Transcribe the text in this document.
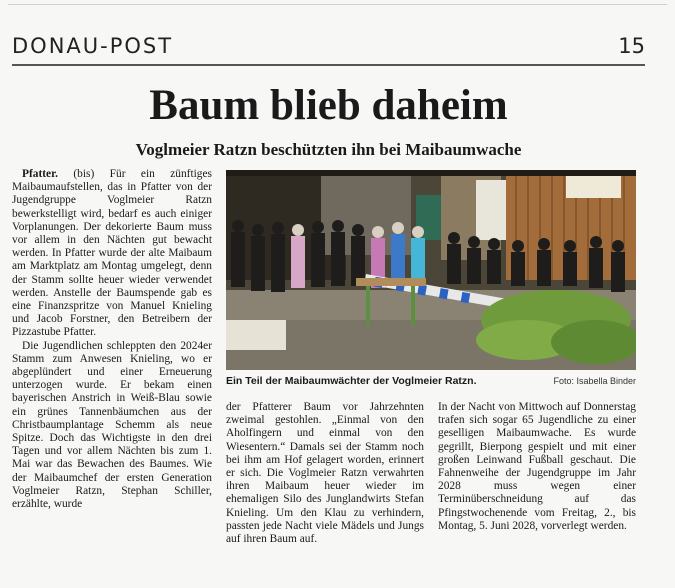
DONAU-POST	15
Baum blieb daheim
Voglmeier Ratzn beschützten ihn bei Maibaumwache

Pfatter. (bis) Für ein zünftiges Maibaumaufstellen, das in Pfatter von der Jugendgruppe Voglmeier Ratzn bewerkstelligt wird, bedarf es auch einiger Vorplanungen. Der dekorierte Baum muss vor allem in den Nächten gut bewacht werden. In Pfatter wurde der alte Maibaum am Marktplatz am Montag umgelegt, denn der Stamm sollte heuer wieder verwendet werden. Anstelle der Baumspende gab es eine Finanzspritze von Manuel Knieling und Jacob Forstner, den Betreibern der Pizzastube Pfatter.

Die Jugendlichen schleppten den 2024er Stamm zum Anwesen Knieling, wo er abgeplündert und einer Erneuerung unterzogen wurde. Er bekam einen bayerischen Anstrich in Weiß-Blau sowie ein grünes Tannenbäumchen aus der Christbaumplantage Schemm als neue Spitze. Doch das Wichtigste in den drei Tagen und vor allem Nächten bis zum 1. Mai war das Bewachen des Baumes. Wie der Maibaumchef der ersten Generation Voglmeier Ratzn, Stephan Schiller, erzählte, wurde

Ein Teil der Maibaumwächter der Voglmeier Ratzn.	Foto: Isabella Binder

der Pfatterer Baum vor Jahrzehnten zweimal gestohlen. „Einmal von den Aholfingern und einmal von den Wiesentern.“ Damals sei der Stamm noch bei ihm am Hof gelagert worden, erinnert er sich. Die Voglmeier Ratzn verwahrten ihren Maibaum heuer wieder im ehemaligen Silo des Junglandwirts Stefan Knieling. Um den Klau zu verhindern, passten jede Nacht viele Mädels und Jungs auf ihren Baum auf.

In der Nacht von Mittwoch auf Donnerstag trafen sich sogar 65 Jugendliche zu einer geselligen Maibaumwache. Es wurde gegrillt, Bierpong gespielt und mit einer großen Leinwand Fußball geschaut. Die Fahnenweihe der Jugendgruppe im Jahr 2028 muss wegen einer Terminüberschneidung auf das Pfingstwochenende vom Freitag, 2., bis Montag, 5. Juni 2028, vorverlegt werden.
